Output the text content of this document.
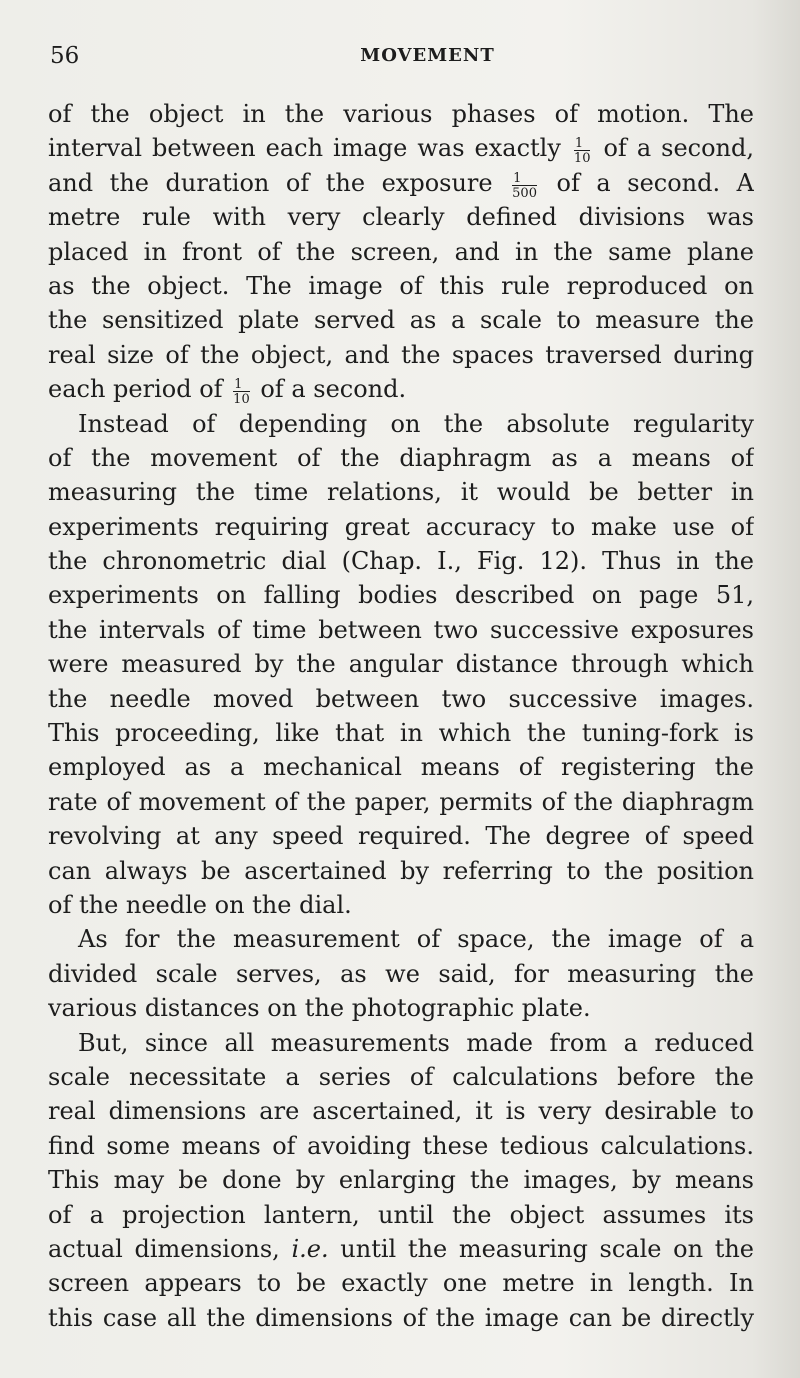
56	MOVEMENT
of the object in the various phases of motion. The
interval between each image was exactly $\frac{1}{10}$ of a second,
and the duration of the exposure $\frac{1}{500}$ of a second. A
metre rule with very clearly defined divisions was
placed in front of the screen, and in the same plane
as the object. The image of this rule reproduced on
the sensitized plate served as a scale to measure the
real size of the object, and the spaces traversed during
each period of $\frac{1}{10}$ of a second.
Instead of depending on the absolute regularity
of the movement of the diaphragm as a means of
measuring the time relations, it would be better in
experiments requiring great accuracy to make use of
the chronometric dial (Chap. I., Fig. 12). Thus in the
experiments on falling bodies described on page 51,
the intervals of time between two successive exposures
were measured by the angular distance through which
the needle moved between two successive images.
This proceeding, like that in which the tuning-fork is
employed as a mechanical means of registering the
rate of movement of the paper, permits of the diaphragm
revolving at any speed required. The degree of speed
can always be ascertained by referring to the position
of the needle on the dial.
As for the measurement of space, the image of a
divided scale serves, as we said, for measuring the
various distances on the photographic plate.
But, since all measurements made from a reduced
scale necessitate a series of calculations before the
real dimensions are ascertained, it is very desirable to
find some means of avoiding these tedious calculations.
This may be done by enlarging the images, by means
of a projection lantern, until the object assumes its
actual dimensions, i.e. until the measuring scale on the
screen appears to be exactly one metre in length. In
this case all the dimensions of the image can be directly
